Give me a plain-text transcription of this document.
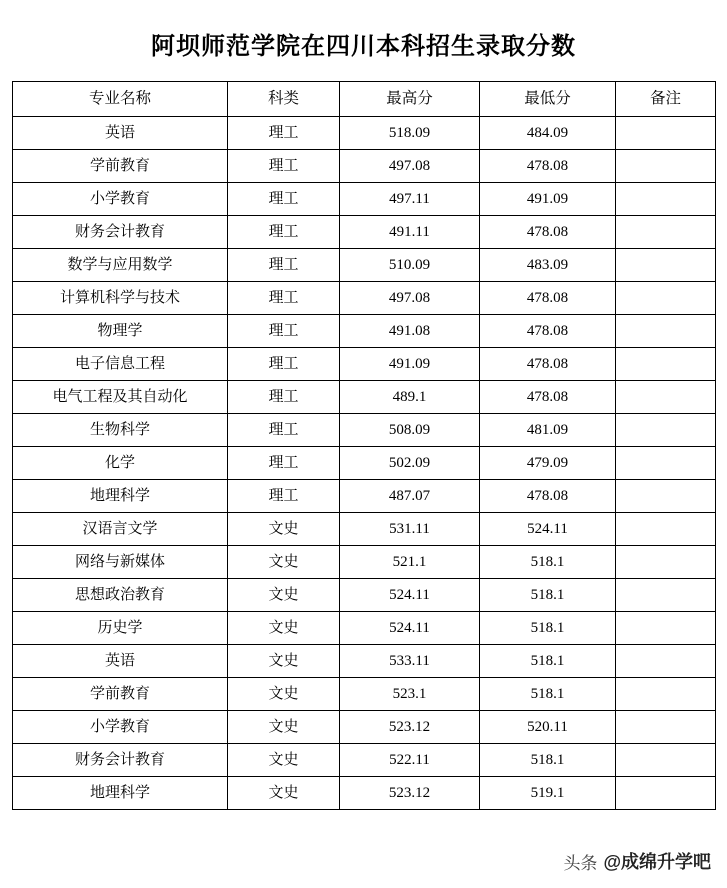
阿坝师范学院在四川本科招生录取分数
专业名称	科类	最高分	最低分	备注
英语	理工	518.09	484.09	
学前教育	理工	497.08	478.08	
小学教育	理工	497.11	491.09	
财务会计教育	理工	491.11	478.08	
数学与应用数学	理工	510.09	483.09	
计算机科学与技术	理工	497.08	478.08	
物理学	理工	491.08	478.08	
电子信息工程	理工	491.09	478.08	
电气工程及其自动化	理工	489.1	478.08	
生物科学	理工	508.09	481.09	
化学	理工	502.09	479.09	
地理科学	理工	487.07	478.08	
汉语言文学	文史	531.11	524.11	
网络与新媒体	文史	521.1	518.1	
思想政治教育	文史	524.11	518.1	
历史学	文史	524.11	518.1	
英语	文史	533.11	518.1	
学前教育	文史	523.1	518.1	
小学教育	文史	523.12	520.11	
财务会计教育	文史	522.11	518.1	
地理科学	文史	523.12	519.1	
头条 @成绵升学吧
